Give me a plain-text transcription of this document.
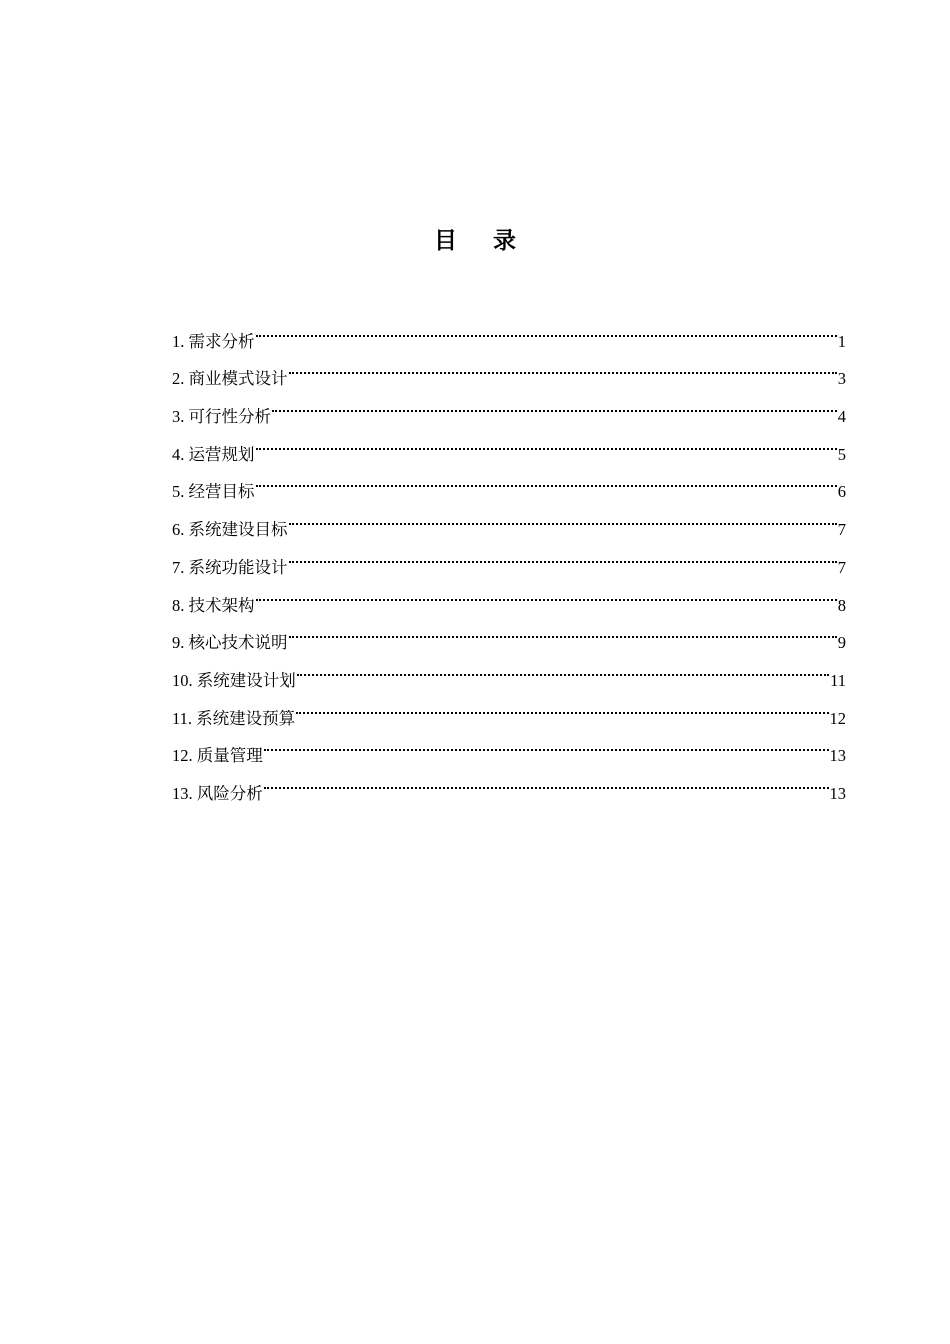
目 录
1. 需求分析	1
2. 商业模式设计	3
3. 可行性分析	4
4. 运营规划	5
5. 经营目标	6
6. 系统建设目标	7
7. 系统功能设计	7
8. 技术架构	8
9. 核心技术说明	9
10. 系统建设计划	11
11. 系统建设预算	12
12. 质量管理	13
13. 风险分析	13
